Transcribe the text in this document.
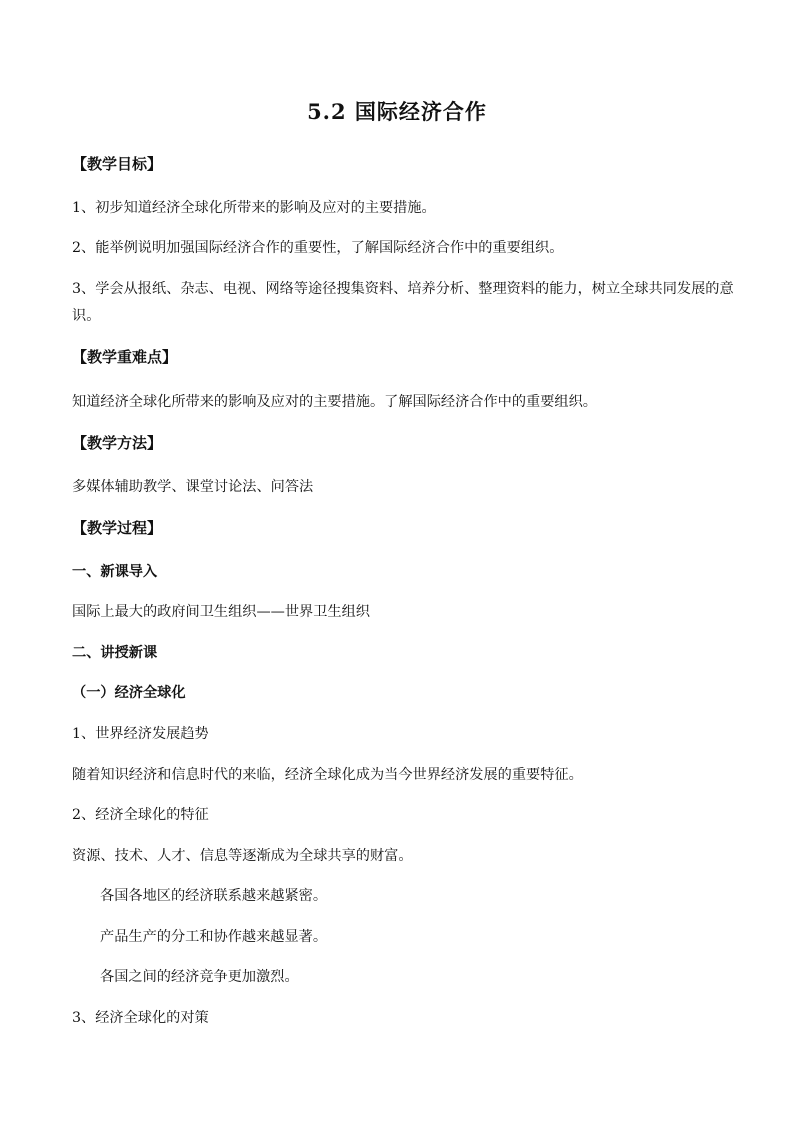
5.2 国际经济合作
【教学目标】
1、初步知道经济全球化所带来的影响及应对的主要措施。
2、能举例说明加强国际经济合作的重要性，了解国际经济合作中的重要组织。
3、学会从报纸、杂志、电视、网络等途径搜集资料、培养分析、整理资料的能力，树立全球共同发展的意
识。
【教学重难点】
知道经济全球化所带来的影响及应对的主要措施。了解国际经济合作中的重要组织。
【教学方法】
多媒体辅助教学、课堂讨论法、问答法
【教学过程】
一、新课导入
国际上最大的政府间卫生组织——世界卫生组织
二、讲授新课
（一）经济全球化
1、世界经济发展趋势
随着知识经济和信息时代的来临，经济全球化成为当今世界经济发展的重要特征。
2、经济全球化的特征
资源、技术、人才、信息等逐渐成为全球共享的财富。
各国各地区的经济联系越来越紧密。
产品生产的分工和协作越来越显著。
各国之间的经济竞争更加激烈。
3、经济全球化的对策
